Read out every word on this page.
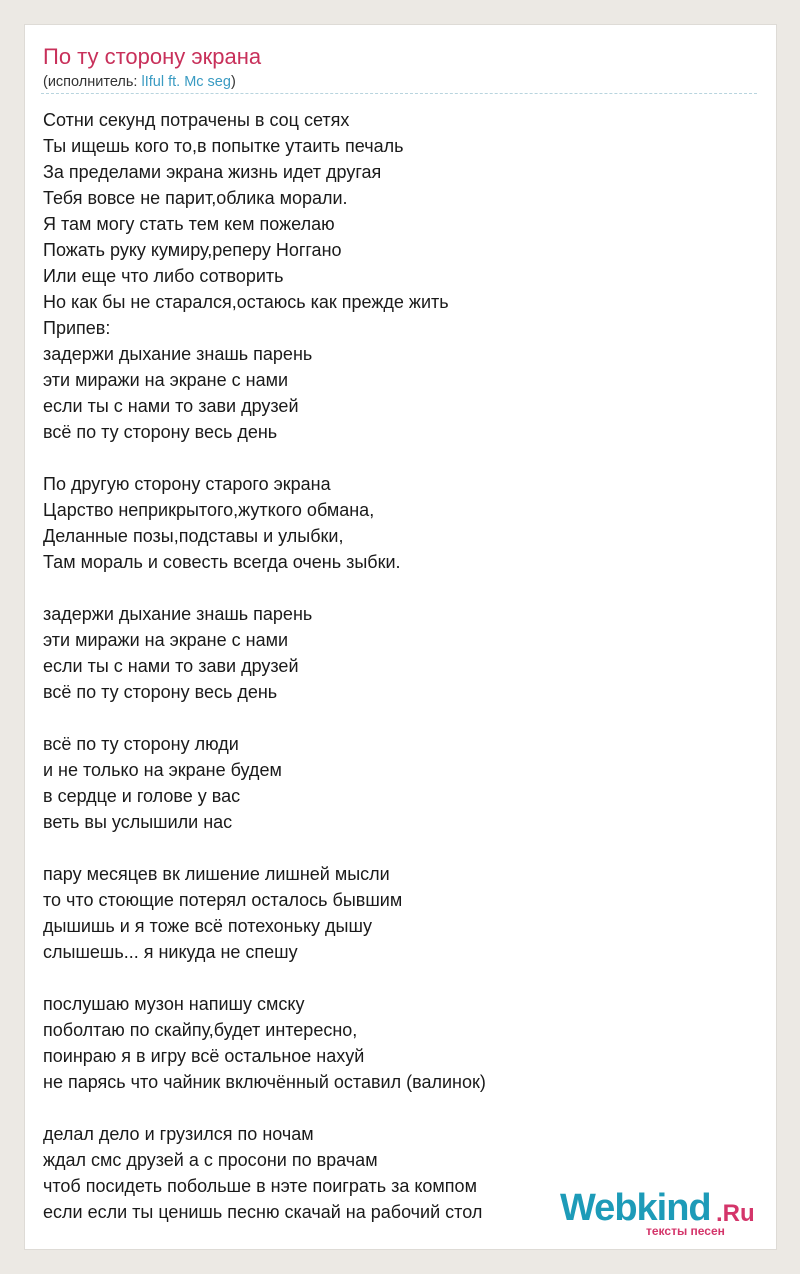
По ту сторону экрана
(исполнитель: lIful ft. Mc seg)
Сотни секунд потрачены в соц сетях
Ты ищешь кого то,в попытке утаить печаль
За пределами экрана жизнь идет другая
Тебя вовсе не парит,облика морали.
Я там могу стать тем кем пожелаю
Пожать руку кумиру,реперу Ноггано
Или еще что либо сотворить
Но как бы не старался,остаюсь как прежде жить
Припев:
задержи дыхание знашь парень
эти миражи на экране с нами
если ты с нами то зави друзей
всё по ту сторону весь день
По другую сторону старого экрана
Царство неприкрытого,жуткого обмана,
Деланные позы,подставы и улыбки,
Там мораль и совесть всегда очень зыбки.
задержи дыхание знашь парень
эти миражи на экране с нами
если ты с нами то зави друзей
всё по ту сторону весь день
всё по ту сторону люди
и не только на экране будем
в сердце и голове у вас
веть вы услышили нас
пару месяцев вк лишение лишней мысли
то что стоющие потерял осталось бывшим
дышишь и я тоже всё потехоньку дышу
слышешь... я никуда не спешу
послушаю музон напишу смску
поболтаю по скайпу,будет интересно,
поинраю я в игру всё остальное нахуй
не парясь что чайник включённый оставил (валинок)
делал дело и грузился по ночам
ждал смс друзей а с просони по врачам
чтоб посидеть побольше в нэте поиграть за компом
если если ты ценишь песню скачай на рабочий стол	Webkind .Ru
тексты песен
